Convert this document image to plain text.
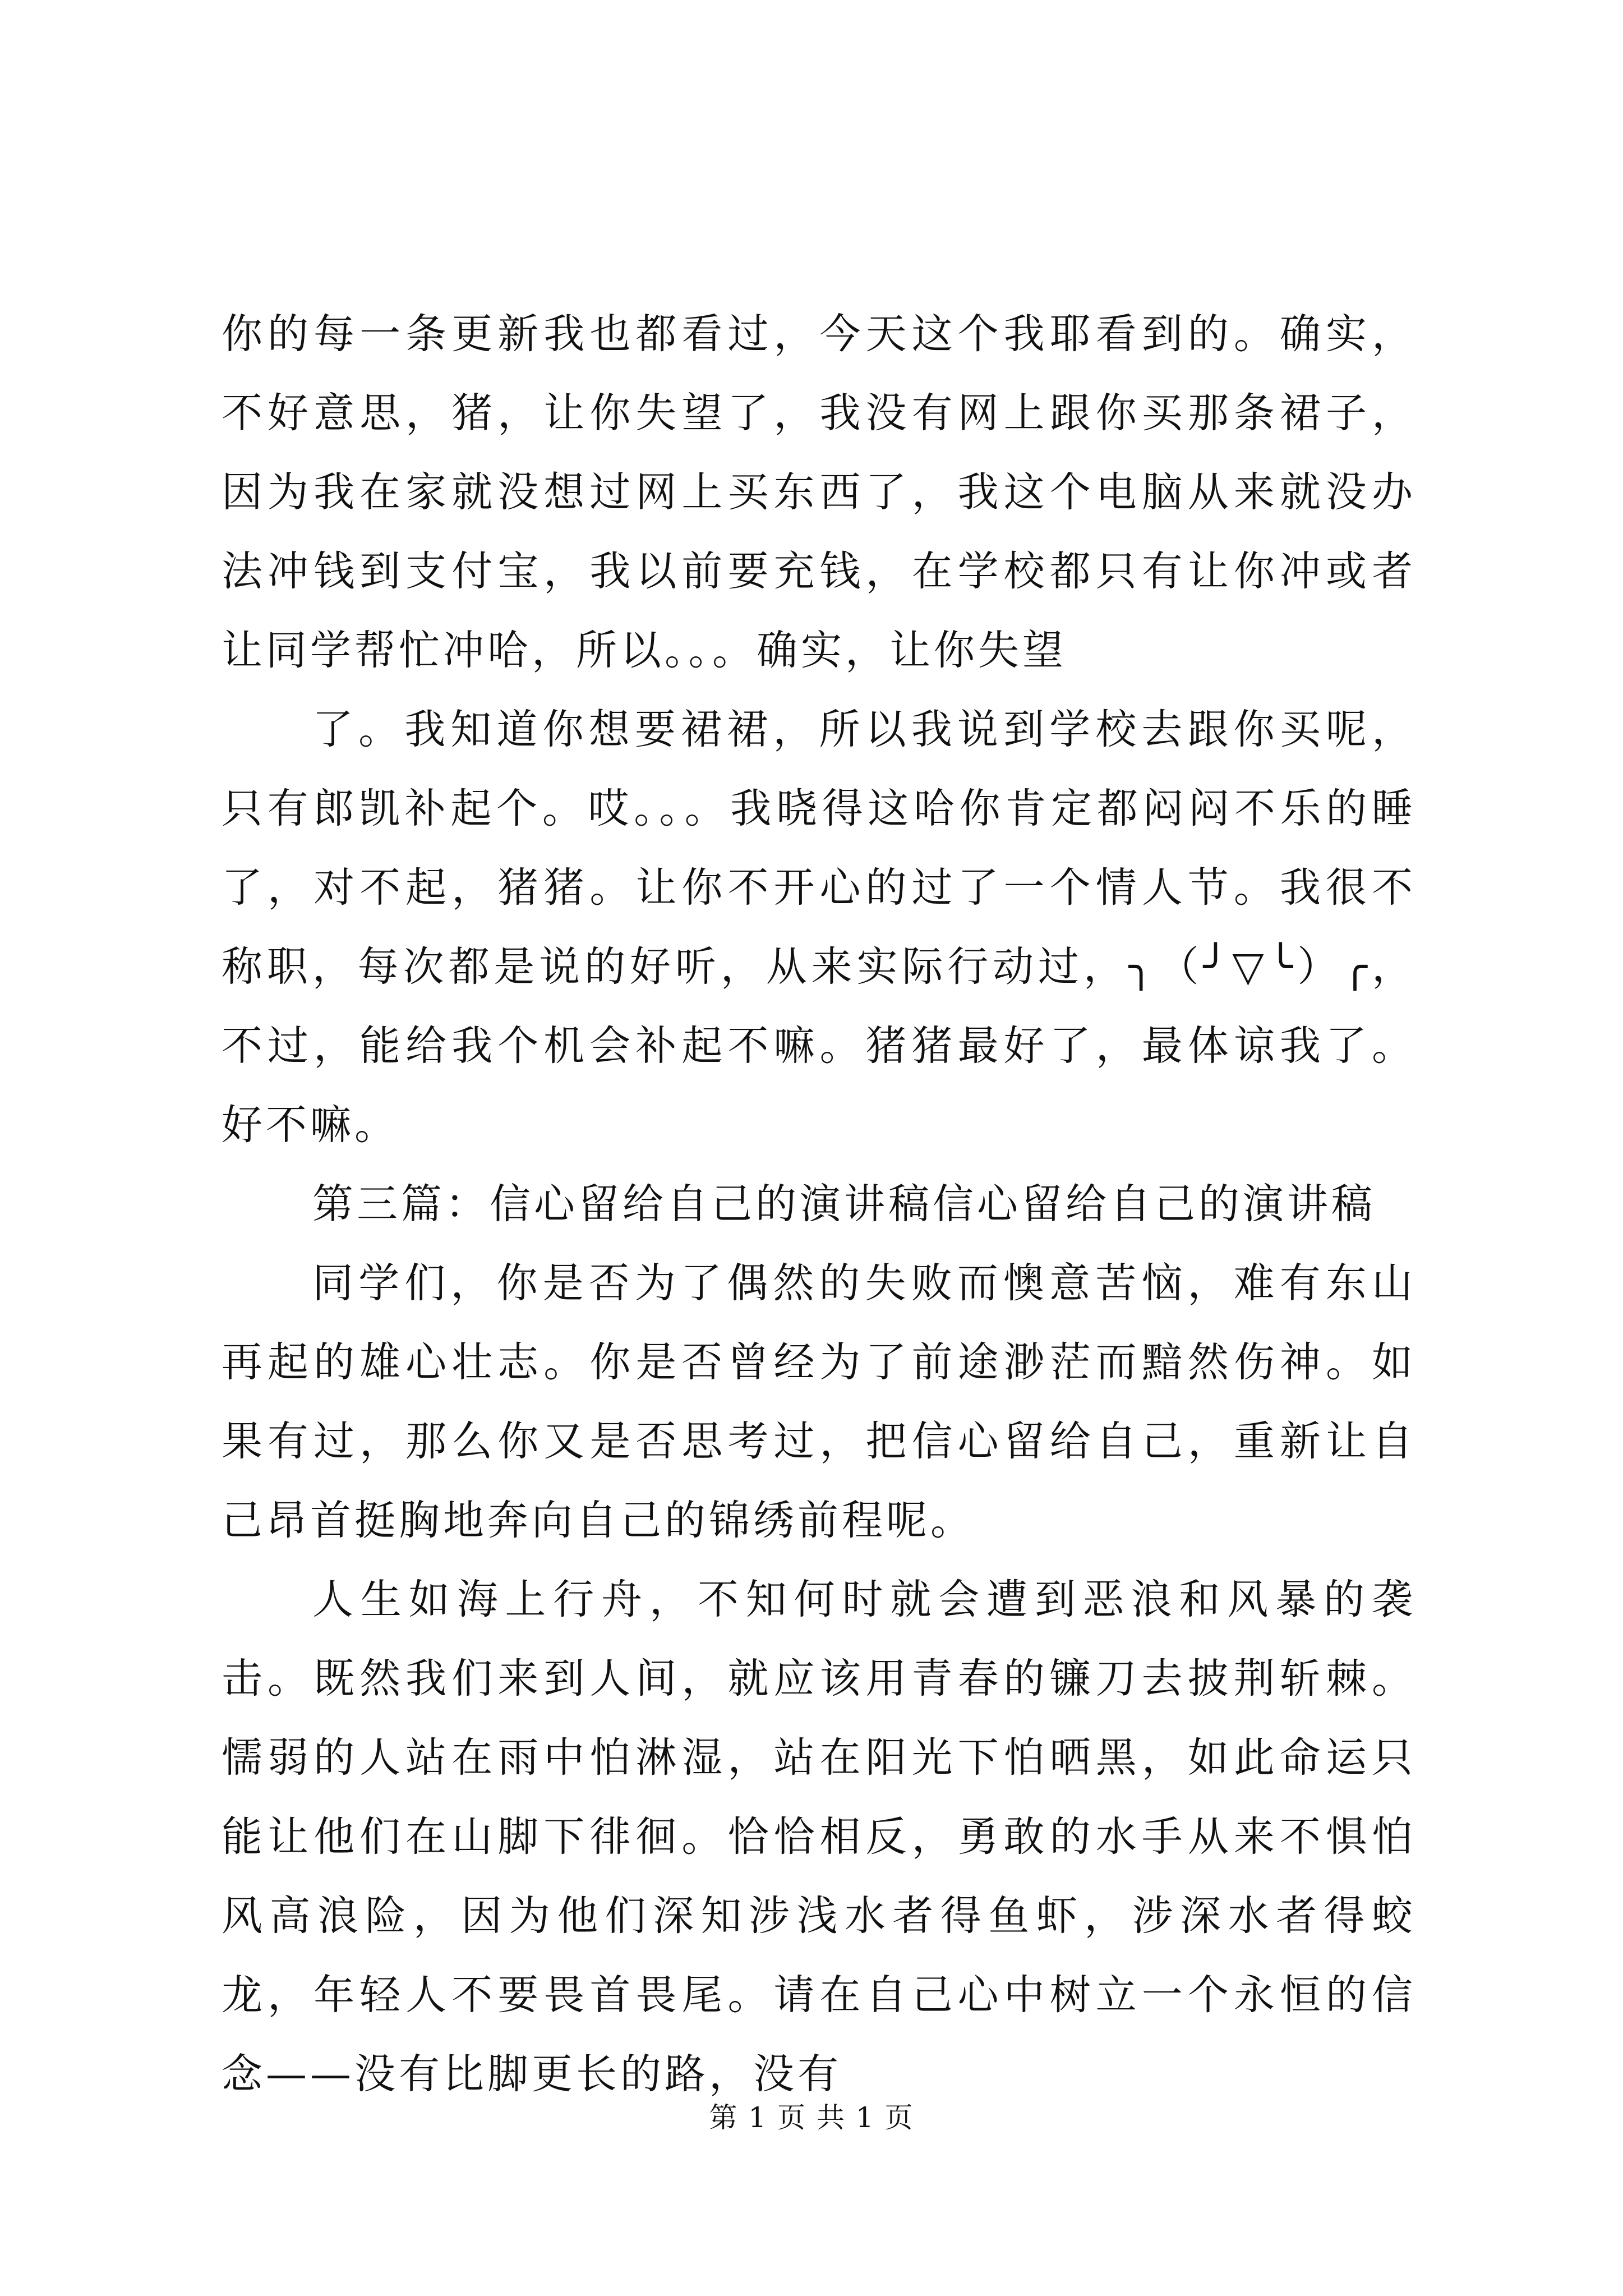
你的每一条更新我也都看过，今天这个我耶看到的。确实，不好意思，猪，让你失望了，我没有网上跟你买那条裙子，因为我在家就没想过网上买东西了，我这个电脑从来就没办法冲钱到支付宝，我以前要充钱，在学校都只有让你冲或者让同学帮忙冲哈，所以。。。确实，让你失望

了。我知道你想要裙裙，所以我说到学校去跟你买呢，只有郎凯补起个。哎。。。我晓得这哈你肯定都闷闷不乐的睡了，对不起，猪猪。让你不开心的过了一个情人节。我很不称职，每次都是说的好听，从来实际行动过，╮（╯▽╰）╭，不过，能给我个机会补起不嘛。猪猪最好了，最体谅我了。好不嘛。

第三篇：信心留给自己的演讲稿信心留给自己的演讲稿

同学们，你是否为了偶然的失败而懊意苦恼，难有东山再起的雄心壮志。你是否曾经为了前途渺茫而黯然伤神。如果有过，那么你又是否思考过，把信心留给自己，重新让自己昂首挺胸地奔向自己的锦绣前程呢。

人生如海上行舟，不知何时就会遭到恶浪和风暴的袭击。既然我们来到人间，就应该用青春的镰刀去披荆斩棘。懦弱的人站在雨中怕淋湿，站在阳光下怕晒黑，如此命运只能让他们在山脚下徘徊。恰恰相反，勇敢的水手从来不惧怕风高浪险，因为他们深知涉浅水者得鱼虾，涉深水者得蛟龙，年轻人不要畏首畏尾。请在自己心中树立一个永恒的信念——没有比脚更长的路，没有

第 1 页 共 1 页
